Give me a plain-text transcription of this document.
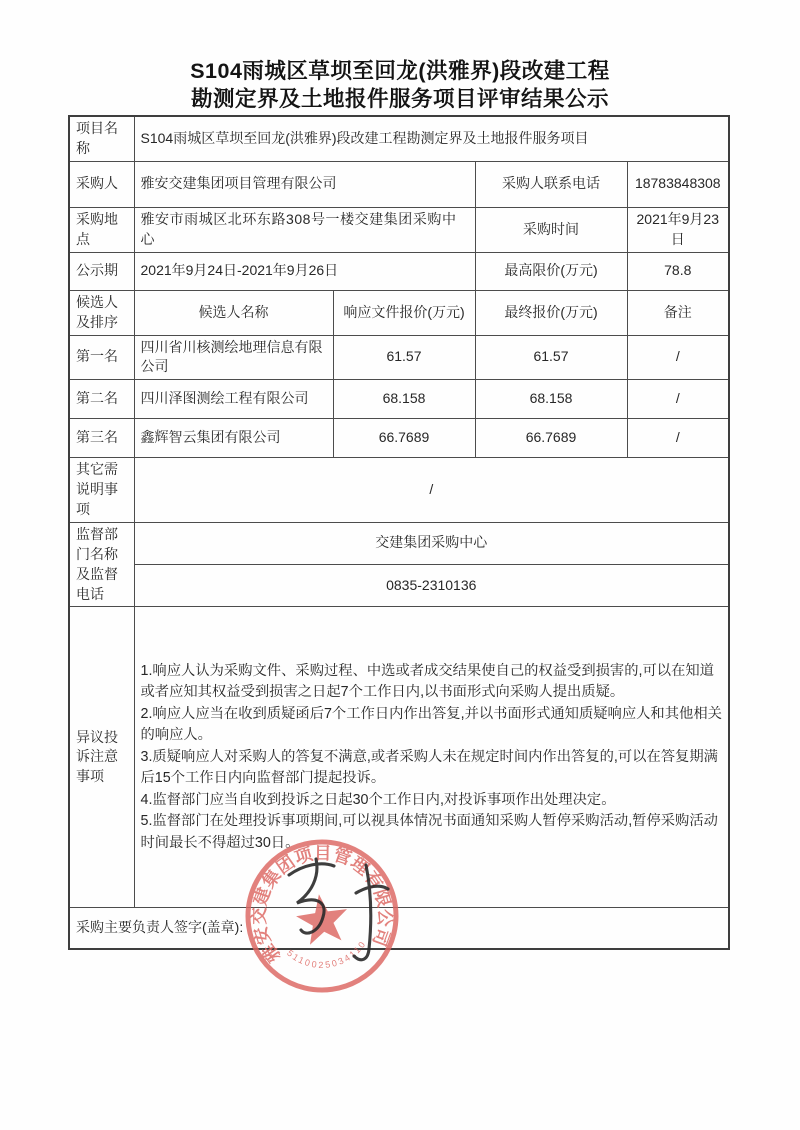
S104雨城区草坝至回龙(洪雅界)段改建工程
勘测定界及土地报件服务项目评审结果公示
项目名称	S104雨城区草坝至回龙(洪雅界)段改建工程勘测定界及土地报件服务项目			
采购人	雅安交建集团项目管理有限公司		采购人联系电话	18783848308
采购地点	雅安市雨城区北环东路308号一楼交建集团采购中心		采购时间	2021年9月23日
公示期	2021年9月24日-2021年9月26日		最高限价(万元)	78.8
候选人及排序	候选人名称	响应文件报价(万元)	最终报价(万元)	备注
第一名	四川省川核测绘地理信息有限公司	61.57	61.57	/
第二名	四川泽图测绘工程有限公司	68.158	68.158	/
第三名	鑫辉智云集团有限公司	66.7689	66.7689	/
其它需说明事项	/			
监督部门名称及监督电话	交建集团采购中心			
	0835-2310136			
异议投诉注意事项	1.响应人认为采购文件、采购过程、中选或者成交结果使自己的权益受到损害的,可以在知道或者应知其权益受到损害之日起7个工作日内,以书面形式向采购人提出质疑。
2.响应人应当在收到质疑函后7个工作日内作出答复,并以书面形式通知质疑响应人和其他相关的响应人。
3.质疑响应人对采购人的答复不满意,或者采购人未在规定时间内作出答复的,可以在答复期满后15个工作日内向监督部门提起投诉。
4.监督部门应当自收到投诉之日起30个工作日内,对投诉事项作出处理决定。
5.监督部门在处理投诉事项期间,可以视具体情况书面通知采购人暂停采购活动,暂停采购活动时间最长不得超过30日。			

采购主要负责人签字(盖章):				
雅安交建集团项目管理有限公司
5110025034110
